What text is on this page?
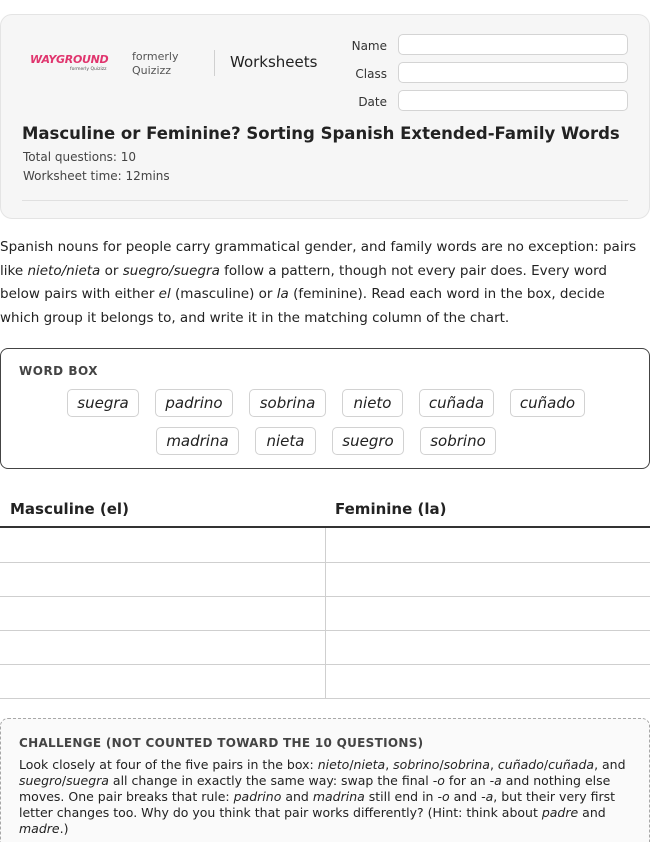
WAYGROUND
formerly Quizizz
formerly
Quizizz	Worksheets
Name
Class
Date
Masculine or Feminine? Sorting Spanish Extended-Family Words
Total questions: 10
Worksheet time: 12mins
Spanish nouns for people carry grammatical gender, and family words are no exception: pairs like nieto/nieta or suegro/suegra follow a pattern, though not every pair does. Every word below pairs with either el (masculine) or la (feminine). Read each word in the box, decide which group it belongs to, and write it in the matching column of the chart.
WORD BOX
suegra	padrino	sobrina	nieto	cuñada	cuñado
madrina	nieta	suegro	sobrino
Masculine (el)	Feminine (la)
CHALLENGE (NOT COUNTED TOWARD THE 10 QUESTIONS)
Look closely at four of the five pairs in the box: nieto/nieta, sobrino/sobrina, cuñado/cuñada, and suegro/suegra all change in exactly the same way: swap the final -o for an -a and nothing else moves. One pair breaks that rule: padrino and madrina still end in -o and -a, but their very first letter changes too. Why do you think that pair works differently? (Hint: think about padre and madre.)
